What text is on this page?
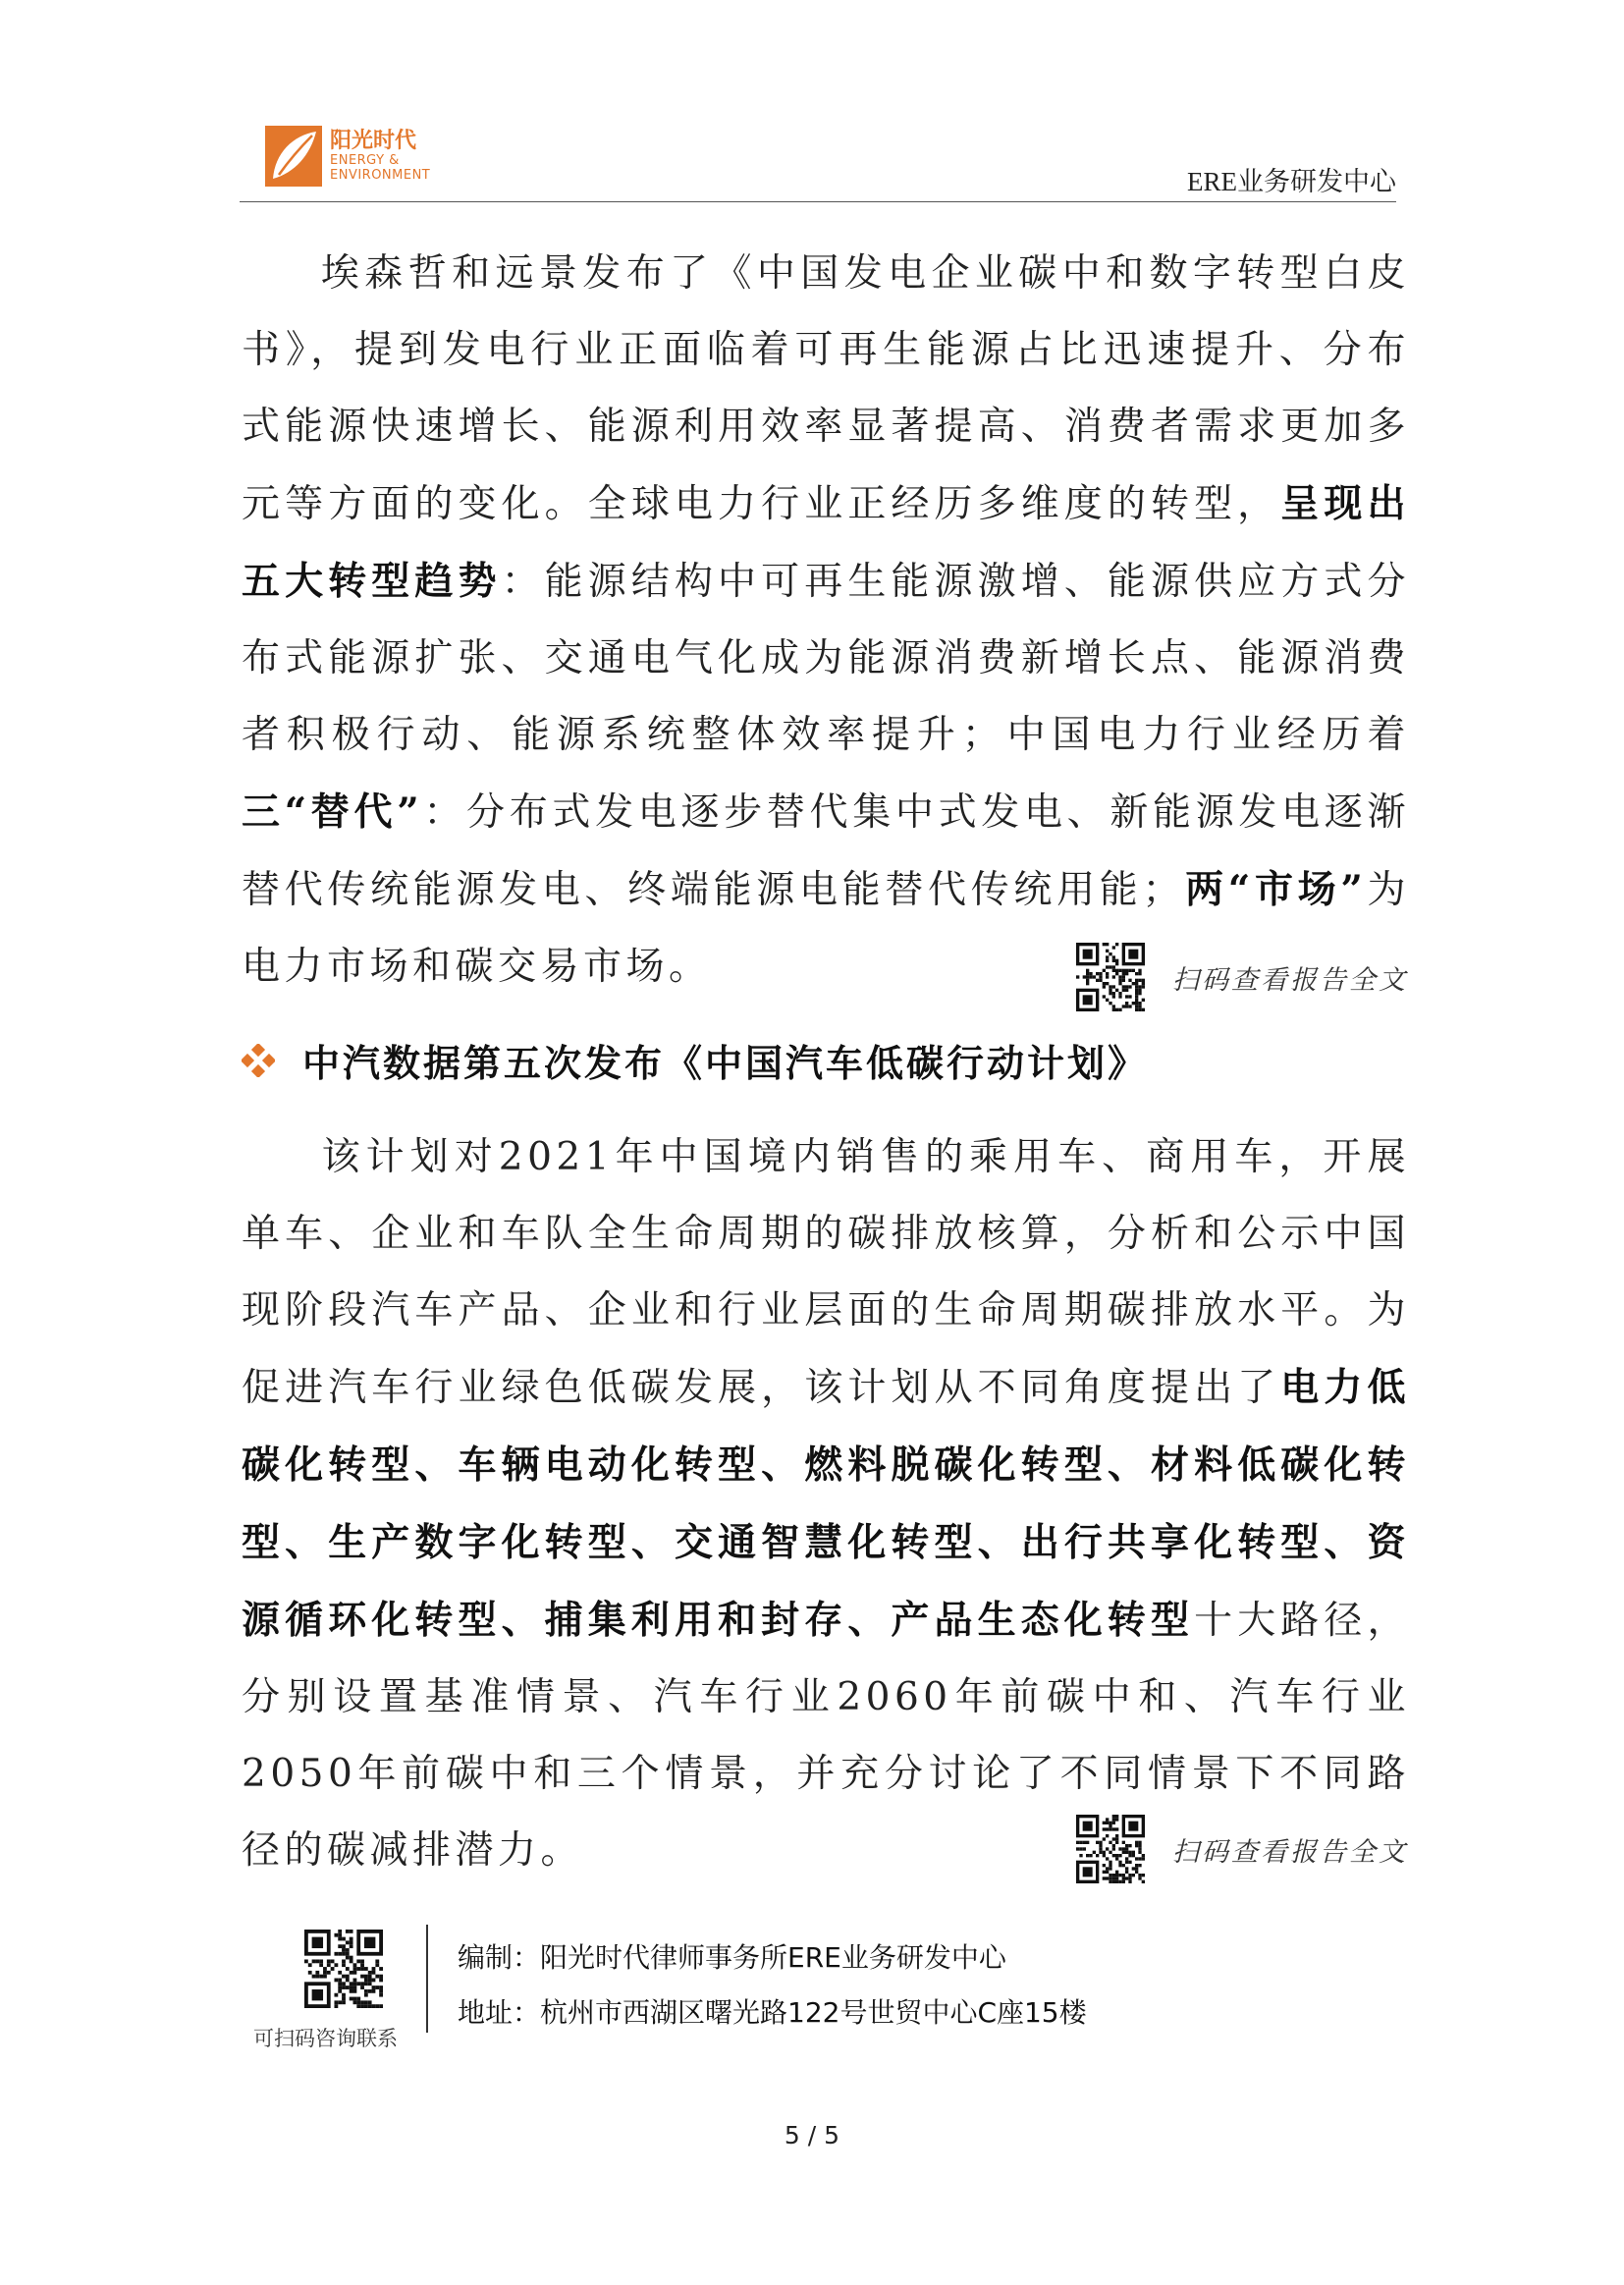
阳光时代
ENERGY &
ENVIRONMENT	ERE业务研发中心

埃森哲和远景发布了《中国发电企业碳中和数字转型白皮书》，提到发电行业正面临着可再生能源占比迅速提升、分布式能源快速增长、能源利用效率显著提高、消费者需求更加多元等方面的变化。全球电力行业正经历多维度的转型，呈现出五大转型趋势：能源结构中可再生能源激增、能源供应方式分布式能源扩张、交通电气化成为能源消费新增长点、能源消费者积极行动、能源系统整体效率提升；中国电力行业经历着三“替代”：分布式发电逐步替代集中式发电、新能源发电逐渐替代传统能源发电、终端能源电能替代传统用能；两“市场”为电力市场和碳交易市场。	扫码查看报告全文
中汽数据第五次发布《中国汽车低碳行动计划》

该计划对2021年中国境内销售的乘用车、商用车，开展单车、企业和车队全生命周期的碳排放核算，分析和公示中国现阶段汽车产品、企业和行业层面的生命周期碳排放水平。为促进汽车行业绿色低碳发展，该计划从不同角度提出了电力低碳化转型、车辆电动化转型、燃料脱碳化转型、材料低碳化转型、生产数字化转型、交通智慧化转型、出行共享化转型、资源循环化转型、捕集利用和封存、产品生态化转型十大路径，分别设置基准情景、汽车行业2060年前碳中和、汽车行业2050年前碳中和三个情景，并充分讨论了不同情景下不同路径的碳减排潜力。	扫码查看报告全文
可扫码咨询联系
编制：阳光时代律师事务所ERE业务研发中心
地址：杭州市西湖区曙光路122号世贸中心C座15楼
5 / 5
